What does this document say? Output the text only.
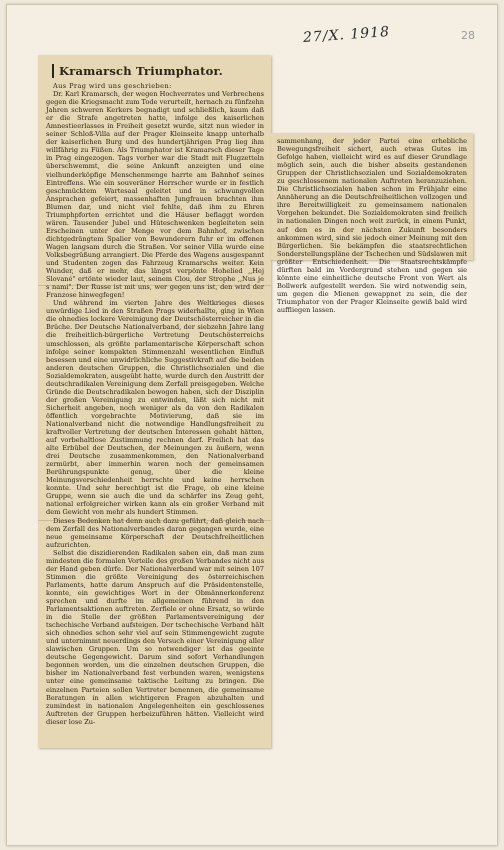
27/X. 1918	28
Kramarsch Triumphator.

Aus Prag wird uns geschrieben:

Dr. Karl Kramarsch, der wegen Hochverrates und Verbrechens gegen die Kriegsmacht zum Tode verurteilt, hernach zu fünfzehn Jahren schweren Kerkers begnadigt und schließlich, kaum daß er die Strafe angetreten hatte, infolge des kaiserlichen Amnestieerlasses in Freiheit gesetzt wurde, sitzt nun wieder in seiner Schloß-Villa auf der Prager Kleinseite knapp unterhalb der kaiserlichen Burg und des hundertjährigen Prag lieg ihm willfährig zu Füßen. Als Triumphator ist Kramarsch dieser Tage in Prag eingezogen. Tags vorher war die Stadt mit Flugzetteln überschwemmt, die seine Ankunft anzeigten und eine vielhunderköpfige Menschenmenge harrte am Bahnhof seines Eintreffens. Wie ein souveräner Herrscher wurde er in festlich geschmücktem Wartesaal geleitet und in schwungvollen Ansprachen gefeiert, massenhaften Jungfrauen brachten ihm Blumen dar, und nicht viel fehlte, daß ihm zu Ehren Triumphpforten errichtet und die Häuser beflaggt worden wären. Tausender Jubel und Hüteschwenken begleiteten sein Erscheinen unter der Menge vor dem Bahnhof, zwischen dichtgedrängtem Spalier von Bewunderern fuhr er im offenen Wagen langsam durch die Straßen. Vor seiner Villa wurde eine Volksbegrüßung arrangiert. Die Pferde des Wagens ausgespannt und Studenten zogen das Fahrzeug Kramarschs weiter. Kein Wunder, daß er mehr, das längst verpönte Hohelied ,,Hej Slované" ertönte wieder laut, seinem Clou, der Strophe ,,Nus je s nami". Der Russe ist mit uns, wer gegen uns ist, den wird der Franzose hinwegfegen!

Und während im vierten Jahre des Weltkrieges dieses unwürdige Lied in den Straßen Prags widerhallte, ging in Wien die ohnedies lockere Vereinigung der Deutschösterreicher in die Brüche. Der Deutsche Nationalverband, der siebzehn Jahre lang die freiheitlich-bürgerliche Vertretung Deutschösterreichs umschlossen, als größte parlamentarische Körperschaft schon infolge seiner kompakten Stimmenzahl wesentlichen Einfluß besessen und eine unwidrlichliche Suggestivkraft auf die beiden anderen deutschen Gruppen, die Christlichsozialen und die Sozialdemokraten, ausgeübt hatte, wurde durch den Austritt der deutschradikalen Vereinigung dem Zerfall preisgegeben. Welche Gründe die Deutschradikalen bewogen haben, sich der Disziplin der großen Vereinigung zu entwinden, läßt sich nicht mit Sicherheit angeben, noch weniger als da von den Radikalen öffentlich vorgebrachte Motivierung, daß sie im Nationalverband nicht die notwendige Handlungsfreiheit zu kraftvoller Vertretung der deutschen Interessen gehabt hätten, auf vorbehaltlose Zustimmung rechnen darf. Freilich hat das alte Erbübel der Deutschen, der Meinungen zu äußern, wenn drei Deutsche zusammenkommen, den Nationalverband zermürbt, aber immerhin waren noch der gemeinsamen Berührungspunkte genug, über die kleine Meinungsverschiedenheit herrschte und keine herrschen konnte. Und sehr berechtigt ist die Frage, ob eine kleine Gruppe, wenn sie auch die und da schärfer ins Zeug geht, national erfolgreicher wirken kann als ein großer Verband mit dem Gewicht von mehr als hundert Stimmen.

Dieses Bedenken hat denn auch dazu geführt, daß gleich nach dem Zerfall des Nationalverbandes daran gegangen wurde, eine neue gemeinsame Körperschaft der Deutschfreiheitlichen aufzurichten.

Selbst die diszidierenden Radikalen sahen ein, daß man zum mindesten die formalen Vorteile des großen Verbandes nicht aus der Hand geben dürfe. Der Nationalverband war mit seinen 107 Stimmen die größte Vereinigung des österreichischen Parlaments, hatte darum Anspruch auf die Präsidentenstelle, konnte, ein gewichtiges Wort in der Obmännerkonferenz sprechen und durfte im allgemeinen führend in den Parlamentsaktionen auftreten. Zerfiele er ohne Ersatz, so würde in die Stelle der größten Parlamentsvereinigung der tschechische Verband aufsteigen. Der tschechische Verband hält sich ohnedies schon sehr viel auf sein Stimmengewicht zugute und unternimmt neuerdings den Versuch einer Vereinigung aller slawischen Gruppen. Um so notwendiger ist das geeinte deutsche Gegengewicht. Darum sind sofort Verhandlungen begonnen worden, um die einzelnen deutschen Gruppen, die bisher im Nationalverband fest verbunden waren, wenigstens unter eine gemeinsame taktische Leitung zu bringen. Die einzelnen Parteien sollen Vertreter benennen, die gemeinsame Beratungen in allen wichtigeren Fragen abzuhalten und zumindest in nationalen Angelegenheiten ein geschlossenes Auftreten der Gruppen herbeizuführen hätten. Vielleicht wird dieser lose Zu-

sammenhang, der jeder Partei eine erhebliche Bewegungsfreiheit sichert, auch etwas Gutes im Gefolge haben, vielleicht wird es auf dieser Grundlage möglich sein, auch die bisher abseits gestandenen Gruppen der Christlichsozialen und Sozialdemokraten zu geschlossenem nationalen Auftreten heranzuziehen. Die Christlichsozialen haben schon im Frühjahr eine Annäherung an die Deutschfreiheitlichen vollzogen und ihre Bereitwilligkeit zu gemeinsamem nationalen Vorgehen bekundet. Die Sozialdemokraten sind freilich in nationalen Dingen noch weit zurück, in einem Punkt, auf den es in der nächsten Zukunft besonders ankommen wird, sind sie jedoch einer Meinung mit den Bürgerlichen. Sie bekämpfen die staatsrechtlichen Sonderstellungspläne der Tschechen und Südslawen mit größter Entschiedenheit. Die Staatsrechtskämpfe dürften bald im Vordergrund stehen und gegen sie könnte eine einheitliche deutsche Front von Wert als Bollwerk aufgestellt werden. Sie wird notwendig sein, um gegen die Mienen gewappnet zu sein, die der Triumphator von der Prager Kleinseite gewiß bald wird auffliegen lassen.
